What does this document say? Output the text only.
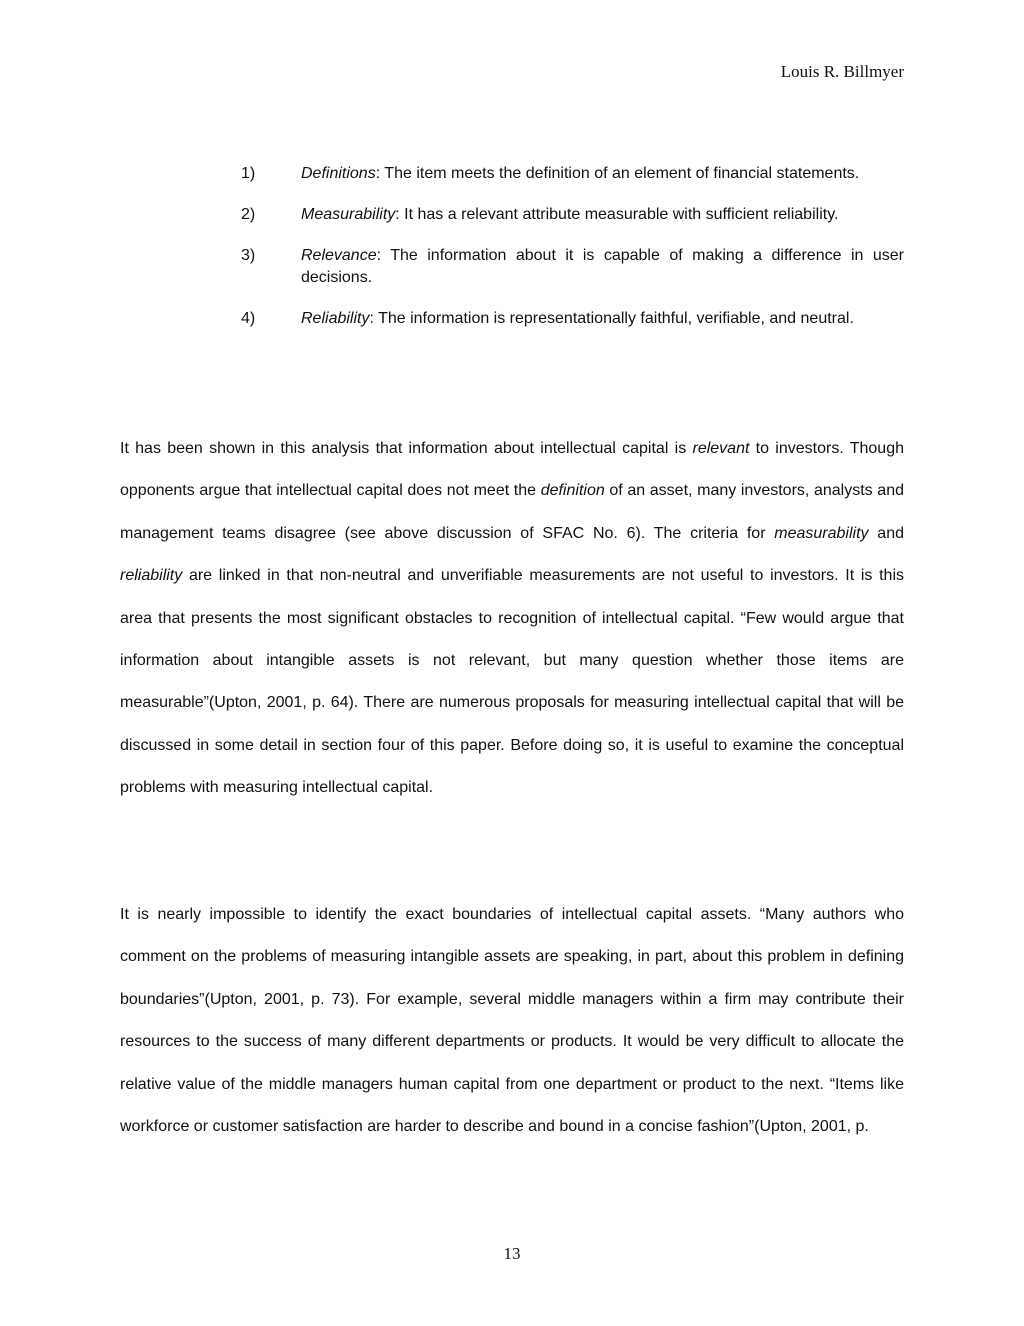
Louis R. Billmyer
1)	Definitions: The item meets the definition of an element of financial statements.
2)	Measurability: It has a relevant attribute measurable with sufficient reliability.
3)	Relevance: The information about it is capable of making a difference in user decisions.
4)	Reliability: The information is representationally faithful, verifiable, and neutral.

It has been shown in this analysis that information about intellectual capital is relevant to investors. Though opponents argue that intellectual capital does not meet the definition of an asset, many investors, analysts and management teams disagree (see above discussion of SFAC No. 6). The criteria for measurability and reliability are linked in that non-neutral and unverifiable measurements are not useful to investors. It is this area that presents the most significant obstacles to recognition of intellectual capital. “Few would argue that information about intangible assets is not relevant, but many question whether those items are measurable”(Upton, 2001, p. 64). There are numerous proposals for measuring intellectual capital that will be discussed in some detail in section four of this paper. Before doing so, it is useful to examine the conceptual problems with measuring intellectual capital.

It is nearly impossible to identify the exact boundaries of intellectual capital assets. “Many authors who comment on the problems of measuring intangible assets are speaking, in part, about this problem in defining boundaries”(Upton, 2001, p. 73). For example, several middle managers within a firm may contribute their resources to the success of many different departments or products. It would be very difficult to allocate the relative value of the middle managers human capital from one department or product to the next. “Items like workforce or customer satisfaction are harder to describe and bound in a concise fashion”(Upton, 2001, p.

13
